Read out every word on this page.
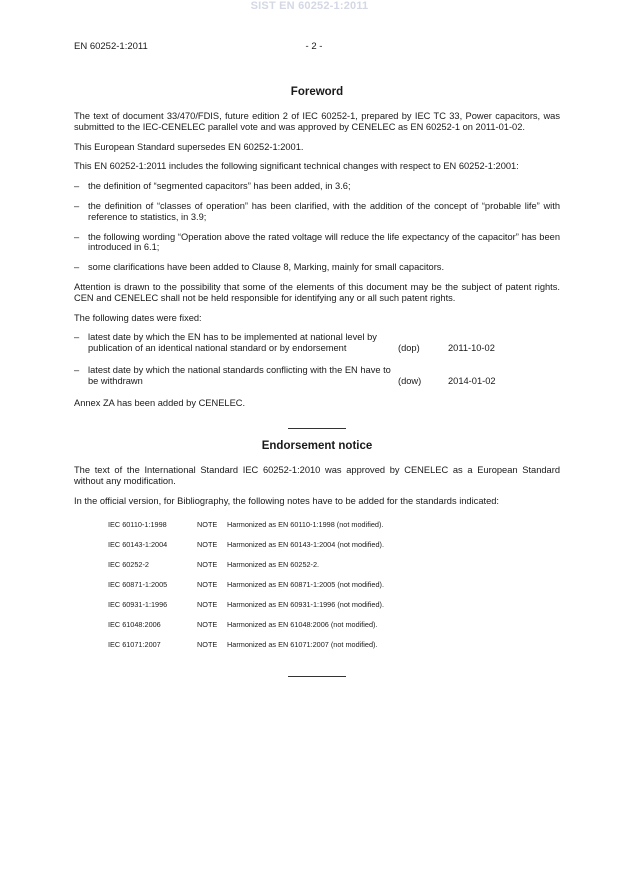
SIST EN 60252-1:2011
EN 60252-1:2011	- 2 -
Foreword

The text of document 33/470/FDIS, future edition 2 of IEC 60252-1, prepared by IEC TC 33, Power capacitors, was submitted to the IEC-CENELEC parallel vote and was approved by CENELEC as EN 60252-1 on 2011-01-02.

This European Standard supersedes EN 60252-1:2001.

This EN 60252-1:2011 includes the following significant technical changes with respect to EN 60252-1:2001:

– the definition of “segmented capacitors” has been added, in 3.6;
– the definition of “classes of operation” has been clarified, with the addition of the concept of “probable life” with reference to statistics, in 3.9;
– the following wording “Operation above the rated voltage will reduce the life expectancy of the capacitor” has been introduced in 6.1;
– some clarifications have been added to Clause 8, Marking, mainly for small capacitors.

Attention is drawn to the possibility that some of the elements of this document may be the subject of patent rights. CEN and CENELEC shall not be held responsible for identifying any or all such patent rights.

The following dates were fixed:

– latest date by which the EN has to be implemented at national level by publication of an identical national standard or by endorsement	(dop)	2011-10-02
– latest date by which the national standards conflicting with the EN have to be withdrawn	(dow)	2014-01-02

Annex ZA has been added by CENELEC.

Endorsement notice

The text of the International Standard IEC 60252-1:2010 was approved by CENELEC as a European Standard without any modification.

In the official version, for Bibliography, the following notes have to be added for the standards indicated:

IEC 60110-1:1998	NOTE	Harmonized as EN 60110-1:1998 (not modified).
IEC 60143-1:2004	NOTE	Harmonized as EN 60143-1:2004 (not modified).
IEC 60252-2	NOTE	Harmonized as EN 60252-2.
IEC 60871-1:2005	NOTE	Harmonized as EN 60871-1:2005 (not modified).
IEC 60931-1:1996	NOTE	Harmonized as EN 60931-1:1996 (not modified).
IEC 61048:2006	NOTE	Harmonized as EN 61048:2006 (not modified).
IEC 61071:2007	NOTE	Harmonized as EN 61071:2007 (not modified).
